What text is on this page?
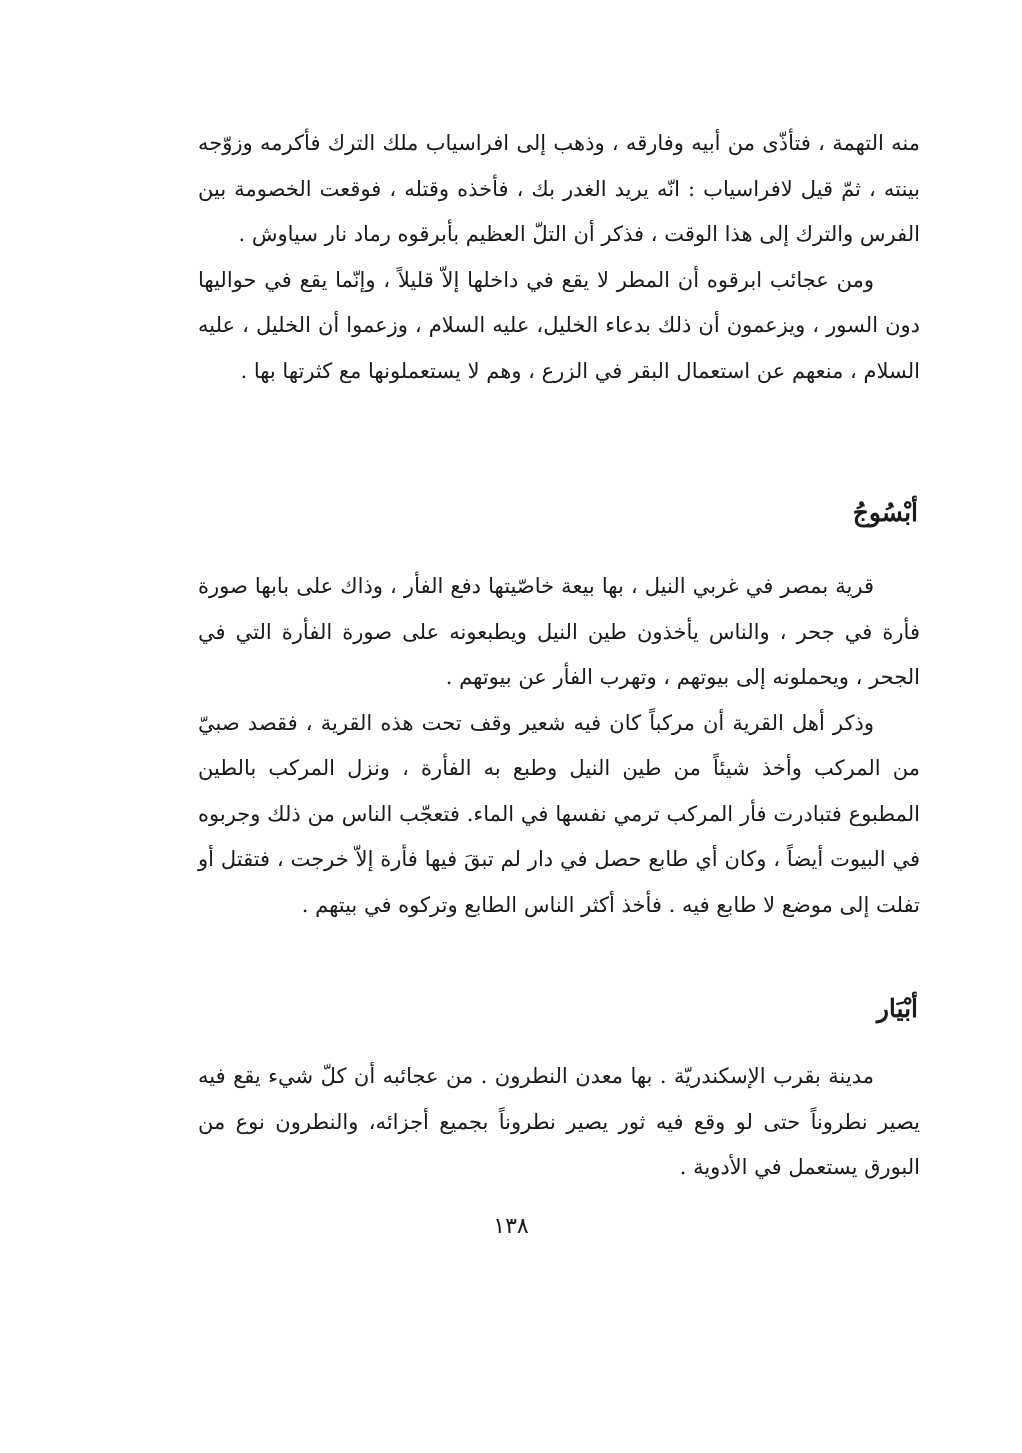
منه التهمة ، فتأذّى من أبيه وفارقه ، وذهب إلى افراسياب ملك الترك فأكرمه وزوّجه بينته ، ثمّ قيل لافراسياب : انّه يريد الغدر بك ، فأخذه وقتله ، فوقعت الخصومة بين الفرس والترك إلى هذا الوقت ، فذكر أن التلّ العظيم بأبرقوه رماد نار سياوش .

ومن عجائب ابرقوه أن المطر لا يقع في داخلها إلاّ قليلاً ، وإنّما يقع في حواليها دون السور ، ويزعمون أن ذلك بدعاء الخليل، عليه السلام ، وزعموا أن الخليل ، عليه السلام ، منعهم عن استعمال البقر في الزرع ، وهم لا يستعملونها مع كثرتها بها .

أبْسُوجُ

قرية بمصر في غربي النيل ، بها بيعة خاصّيتها دفع الفأر ، وذاك على بابها صورة فأرة في جحر ، والناس يأخذون طين النيل ويطبعونه على صورة الفأرة التي في الجحر ، ويحملونه إلى بيوتهم ، وتهرب الفأر عن بيوتهم .

وذكر أهل القرية أن مركباً كان فيه شعير وقف تحت هذه القرية ، فقصد صبيّ من المركب وأخذ شيئاً من طين النيل وطبع به الفأرة ، ونزل المركب بالطين المطبوع فتبادرت فأر المركب ترمي نفسها في الماء. فتعجّب الناس من ذلك وجربوه في البيوت أيضاً ، وكان أي طابع حصل في دار لم تبقَ فيها فأرة إلاّ خرجت ، فتقتل أو تفلت إلى موضع لا طابع فيه . فأخذ أكثر الناس الطابع وتركوه في بيتهم .

أبْيَار

مدينة بقرب الإسكندريّة . بها معدن النطرون . من عجائبه أن كلّ شيء يقع فيه يصير نطروناً حتى لو وقع فيه ثور يصير نطروناً بجميع أجزائه، والنطرون نوع من البورق يستعمل في الأدوية .

١٣٨
